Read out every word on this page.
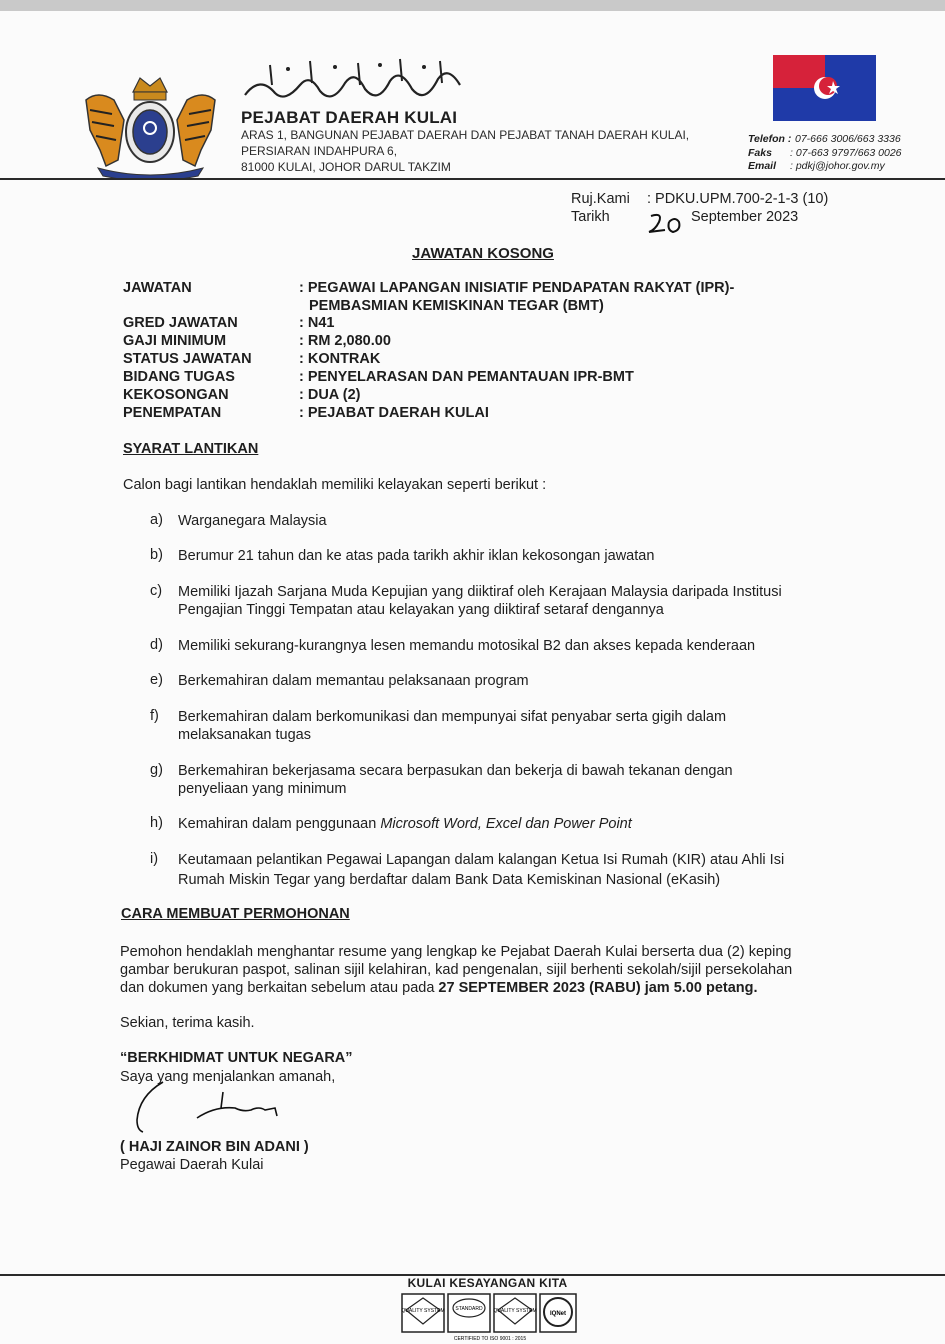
PEJABAT DAERAH KULAI
ARAS 1, BANGUNAN PEJABAT DAERAH DAN PEJABAT TANAH DAERAH KULAI,
PERSIARAN INDAHPURA 6,
81000 KULAI, JOHOR DARUL TAKZIM
Telefon : 07-666 3006/663 3336
Faks : 07-663 9797/663 0026
Email : pdkj@johor.gov.my
Ruj.Kami : PDKU.UPM.700-2-1-3 (10)
Tarikh	September 2023
JAWATAN KOSONG
JAWATAN	: PEGAWAI LAPANGAN INISIATIF PENDAPATAN RAKYAT (IPR)-
PEMBASMIAN KEMISKINAN TEGAR (BMT)
GRED JAWATAN	: N41
GAJI MINIMUM	: RM 2,080.00
STATUS JAWATAN	: KONTRAK
BIDANG TUGAS	: PENYELARASAN DAN PEMANTAUAN IPR-BMT
KEKOSONGAN	: DUA (2)
PENEMPATAN	: PEJABAT DAERAH KULAI
SYARAT LANTIKAN
Calon bagi lantikan hendaklah memiliki kelayakan seperti berikut :
a) Warganegara Malaysia
b) Berumur 21 tahun dan ke atas pada tarikh akhir iklan kekosongan jawatan
c) Memiliki Ijazah Sarjana Muda Kepujian yang diiktiraf oleh Kerajaan Malaysia daripada Institusi
Pengajian Tinggi Tempatan atau kelayakan yang diiktiraf setaraf dengannya
d) Memiliki sekurang-kurangnya lesen memandu motosikal B2 dan akses kepada kenderaan
e) Berkemahiran dalam memantau pelaksanaan program
f) Berkemahiran dalam berkomunikasi dan mempunyai sifat penyabar serta gigih dalam
melaksanakan tugas
g) Berkemahiran bekerjasama secara berpasukan dan bekerja di bawah tekanan dengan
penyeliaan yang minimum
h) Kemahiran dalam penggunaan Microsoft Word, Excel dan Power Point
i) Keutamaan pelantikan Pegawai Lapangan dalam kalangan Ketua Isi Rumah (KIR) atau Ahli Isi
Rumah Miskin Tegar yang berdaftar dalam Bank Data Kemiskinan Nasional (eKasih)
CARA MEMBUAT PERMOHONAN
Pemohon hendaklah menghantar resume yang lengkap ke Pejabat Daerah Kulai berserta dua (2) keping
gambar berukuran paspot, salinan sijil kelahiran, kad pengenalan, sijil berhenti sekolah/sijil persekolahan
dan dokumen yang berkaitan sebelum atau pada 27 SEPTEMBER 2023 (RABU) jam 5.00 petang.
Sekian, terima kasih.
“BERKHIDMAT UNTUK NEGARA”
Saya yang menjalankan amanah,
( HAJI ZAINOR BIN ADANI )
Pegawai Daerah Kulai
KULAI KESAYANGAN KITA
QUALITY SYSTEM STANDARD QUALITY SYSTEM IQNet
CERTIFIED TO ISO 9001 : 2015
